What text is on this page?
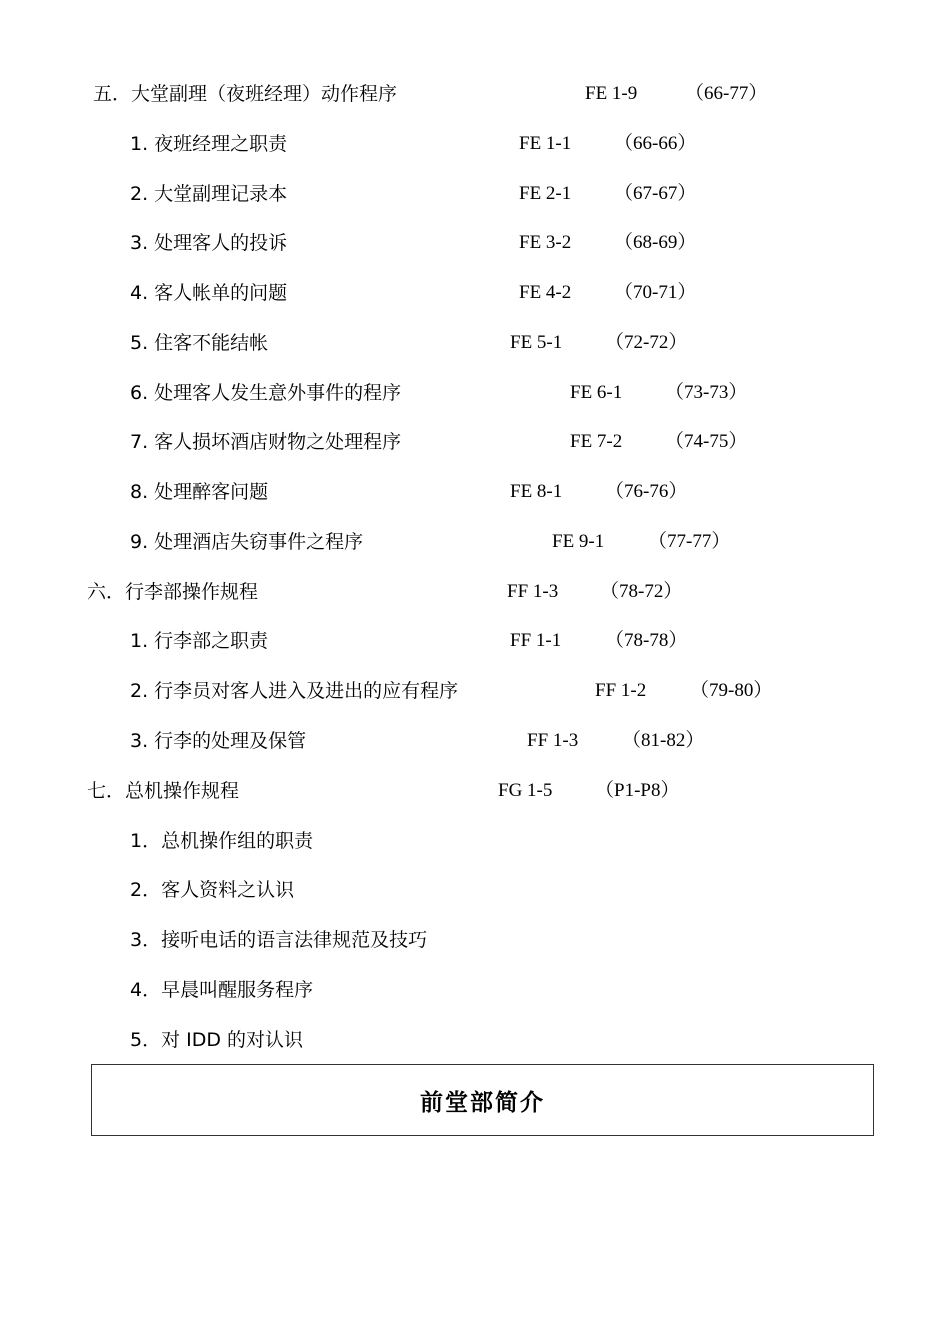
五．大堂副理（夜班经理）动作程序	FE 1-9	（66-77）
1. 夜班经理之职责	FE 1-1 （66-66）
2. 大堂副理记录本	FE 2-1 （67-67）
3. 处理客人的投诉	FE 3-2 （68-69）
4. 客人帐单的问题	FE 4-2 （70-71）
5. 住客不能结帐	FE 5-1 （72-72）
6. 处理客人发生意外事件的程序	FE 6-1 （73-73）
7. 客人损坏酒店财物之处理程序	FE 7-2 （74-75）
8. 处理醉客问题	FE 8-1 （76-76）
9. 处理酒店失窃事件之程序	FE 9-1 （77-77）
六．行李部操作规程	FF 1-3 （78-72）
1. 行李部之职责	FF 1-1 （78-78）
2. 行李员对客人进入及进出的应有程序	FF 1-2 （79-80）
3. 行李的处理及保管	FF 1-3 （81-82）
七．总机操作规程	FG 1-5 （P1-P8）
1．总机操作组的职责
2．客人资料之认识
3．接听电话的语言法律规范及技巧
4．早晨叫醒服务程序
5．对 IDD 的对认识
前堂部简介
